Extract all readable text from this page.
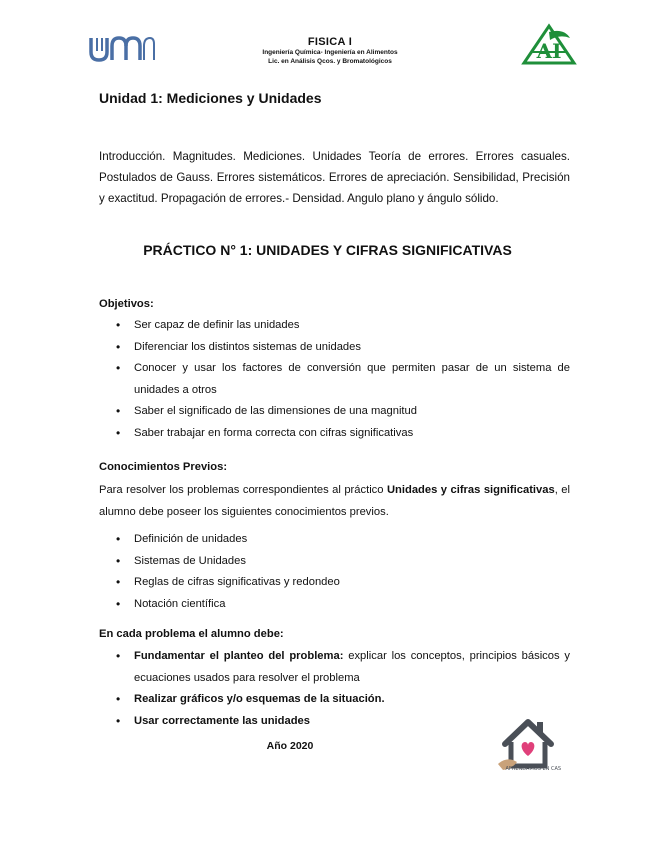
FISICA I
Ingeniería Química- Ingeniería en Alimentos
Lic. en Análisis Qcos. y Bromatológicos	AI
Unidad 1: Mediciones y Unidades
Introducción. Magnitudes. Mediciones. Unidades Teoría de errores. Errores casuales. Postulados de Gauss. Errores sistemáticos. Errores de apreciación. Sensibilidad, Precisión y exactitud. Propagación de errores.- Densidad. Angulo plano y ángulo sólido.
PRÁCTICO N° 1: UNIDADES Y CIFRAS SIGNIFICATIVAS
Objetivos:
• Ser capaz de definir las unidades
• Diferenciar los distintos sistemas de unidades
• Conocer y usar los factores de conversión que permiten pasar de un sistema de unidades a otros
• Saber el significado de las dimensiones de una magnitud
• Saber trabajar en forma correcta con cifras significativas
Conocimientos Previos:
Para resolver los problemas correspondientes al práctico Unidades y cifras significativas, el alumno debe poseer los siguientes conocimientos previos.
• Definición de unidades
• Sistemas de Unidades
• Reglas de cifras significativas y redondeo
• Notación científica
En cada problema el alumno debe:
• Fundamentar el planteo del problema: explicar los conceptos, principios básicos y ecuaciones usados para resolver el problema
• Realizar gráficos y/o esquemas de la situación.
• Usar correctamente las unidades
Año 2020
APRENDAMOS EN CASA
